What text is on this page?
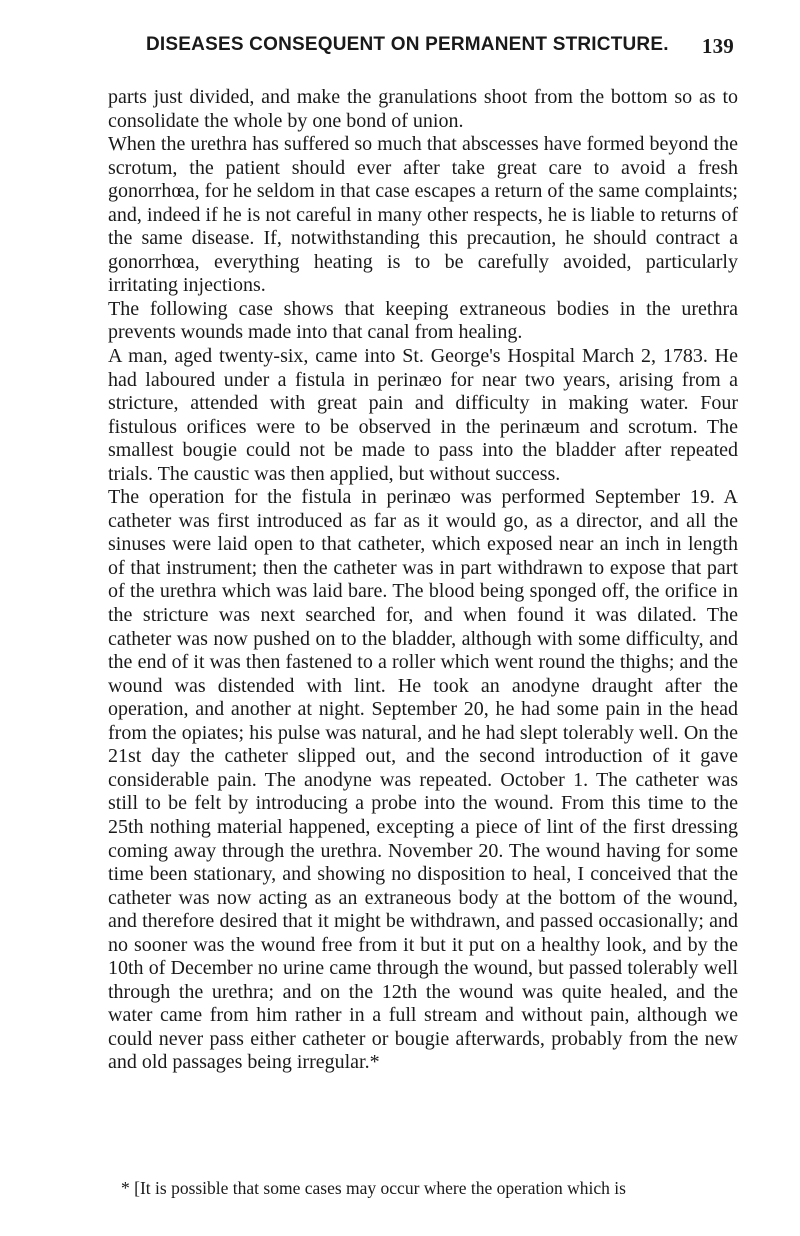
DISEASES CONSEQUENT ON PERMANENT STRICTURE. 139

parts just divided, and make the granulations shoot from the bottom so as to consolidate the whole by one bond of union.

When the urethra has suffered so much that abscesses have formed beyond the scrotum, the patient should ever after take great care to avoid a fresh gonorrhœa, for he seldom in that case escapes a return of the same complaints; and, indeed if he is not careful in many other respects, he is liable to returns of the same disease. If, notwithstanding this precaution, he should contract a gonorrhœa, everything heating is to be carefully avoided, particularly irritating injections.

The following case shows that keeping extraneous bodies in the urethra prevents wounds made into that canal from healing.

A man, aged twenty-six, came into St. George's Hospital March 2, 1783. He had laboured under a fistula in perinæo for near two years, arising from a stricture, attended with great pain and difficulty in making water. Four fistulous orifices were to be observed in the perinæum and scrotum. The smallest bougie could not be made to pass into the bladder after repeated trials. The caustic was then applied, but without success.

The operation for the fistula in perinæo was performed September 19. A catheter was first introduced as far as it would go, as a director, and all the sinuses were laid open to that catheter, which exposed near an inch in length of that instrument; then the catheter was in part withdrawn to expose that part of the urethra which was laid bare. The blood being sponged off, the orifice in the stricture was next searched for, and when found it was dilated. The catheter was now pushed on to the bladder, although with some difficulty, and the end of it was then fastened to a roller which went round the thighs; and the wound was distended with lint. He took an anodyne draught after the operation, and another at night. September 20, he had some pain in the head from the opiates; his pulse was natural, and he had slept tolerably well. On the 21st day the catheter slipped out, and the second introduction of it gave considerable pain. The anodyne was repeated. October 1. The catheter was still to be felt by introducing a probe into the wound. From this time to the 25th nothing material happened, excepting a piece of lint of the first dressing coming away through the urethra. November 20. The wound having for some time been stationary, and showing no disposition to heal, I conceived that the catheter was now acting as an extraneous body at the bottom of the wound, and therefore desired that it might be withdrawn, and passed occasionally; and no sooner was the wound free from it but it put on a healthy look, and by the 10th of December no urine came through the wound, but passed tolerably well through the urethra; and on the 12th the wound was quite healed, and the water came from him rather in a full stream and without pain, although we could never pass either catheter or bougie afterwards, probably from the new and old passages being irregular.*

* [It is possible that some cases may occur where the operation which is
